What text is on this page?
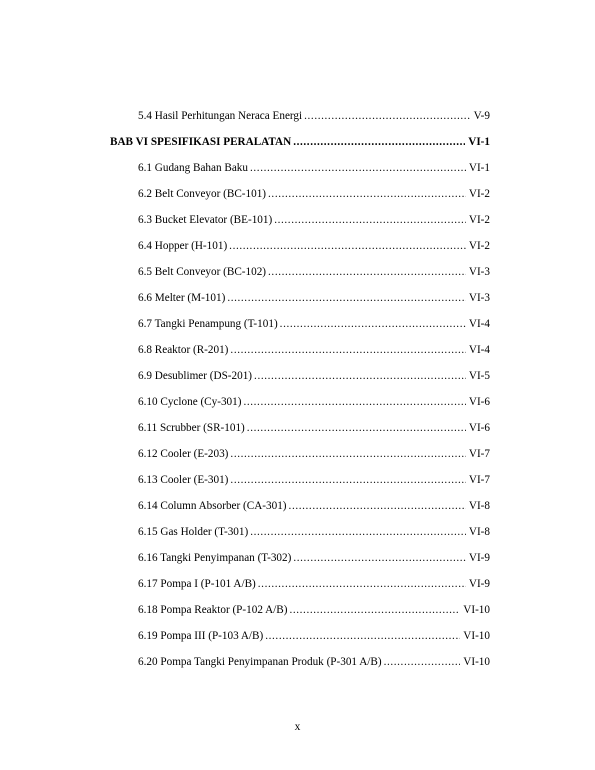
5.4 Hasil Perhitungan Neraca Energi .....	V-9
BAB VI SPESIFIKASI PERALATAN .....	VI-1
6.1 Gudang Bahan Baku .....	VI-1
6.2 Belt Conveyor (BC-101) .....	VI-2
6.3 Bucket Elevator (BE-101) .....	VI-2
6.4 Hopper (H-101) .....	VI-2
6.5 Belt Conveyor (BC-102) .....	VI-3
6.6 Melter (M-101) .....	VI-3
6.7 Tangki Penampung (T-101) .....	VI-4
6.8 Reaktor (R-201) .....	VI-4
6.9 Desublimer (DS-201) .....	VI-5
6.10 Cyclone (Cy-301) .....	VI-6
6.11 Scrubber (SR-101) .....	VI-6
6.12 Cooler (E-203) .....	VI-7
6.13 Cooler (E-301) .....	VI-7
6.14 Column Absorber (CA-301) .....	VI-8
6.15 Gas Holder (T-301) .....	VI-8
6.16 Tangki Penyimpanan (T-302) .....	VI-9
6.17 Pompa I (P-101 A/B) .....	VI-9
6.18 Pompa Reaktor (P-102 A/B) .....	VI-10
6.19 Pompa III (P-103 A/B) .....	VI-10
6.20 Pompa Tangki Penyimpanan Produk (P-301 A/B) .....	VI-10
x
